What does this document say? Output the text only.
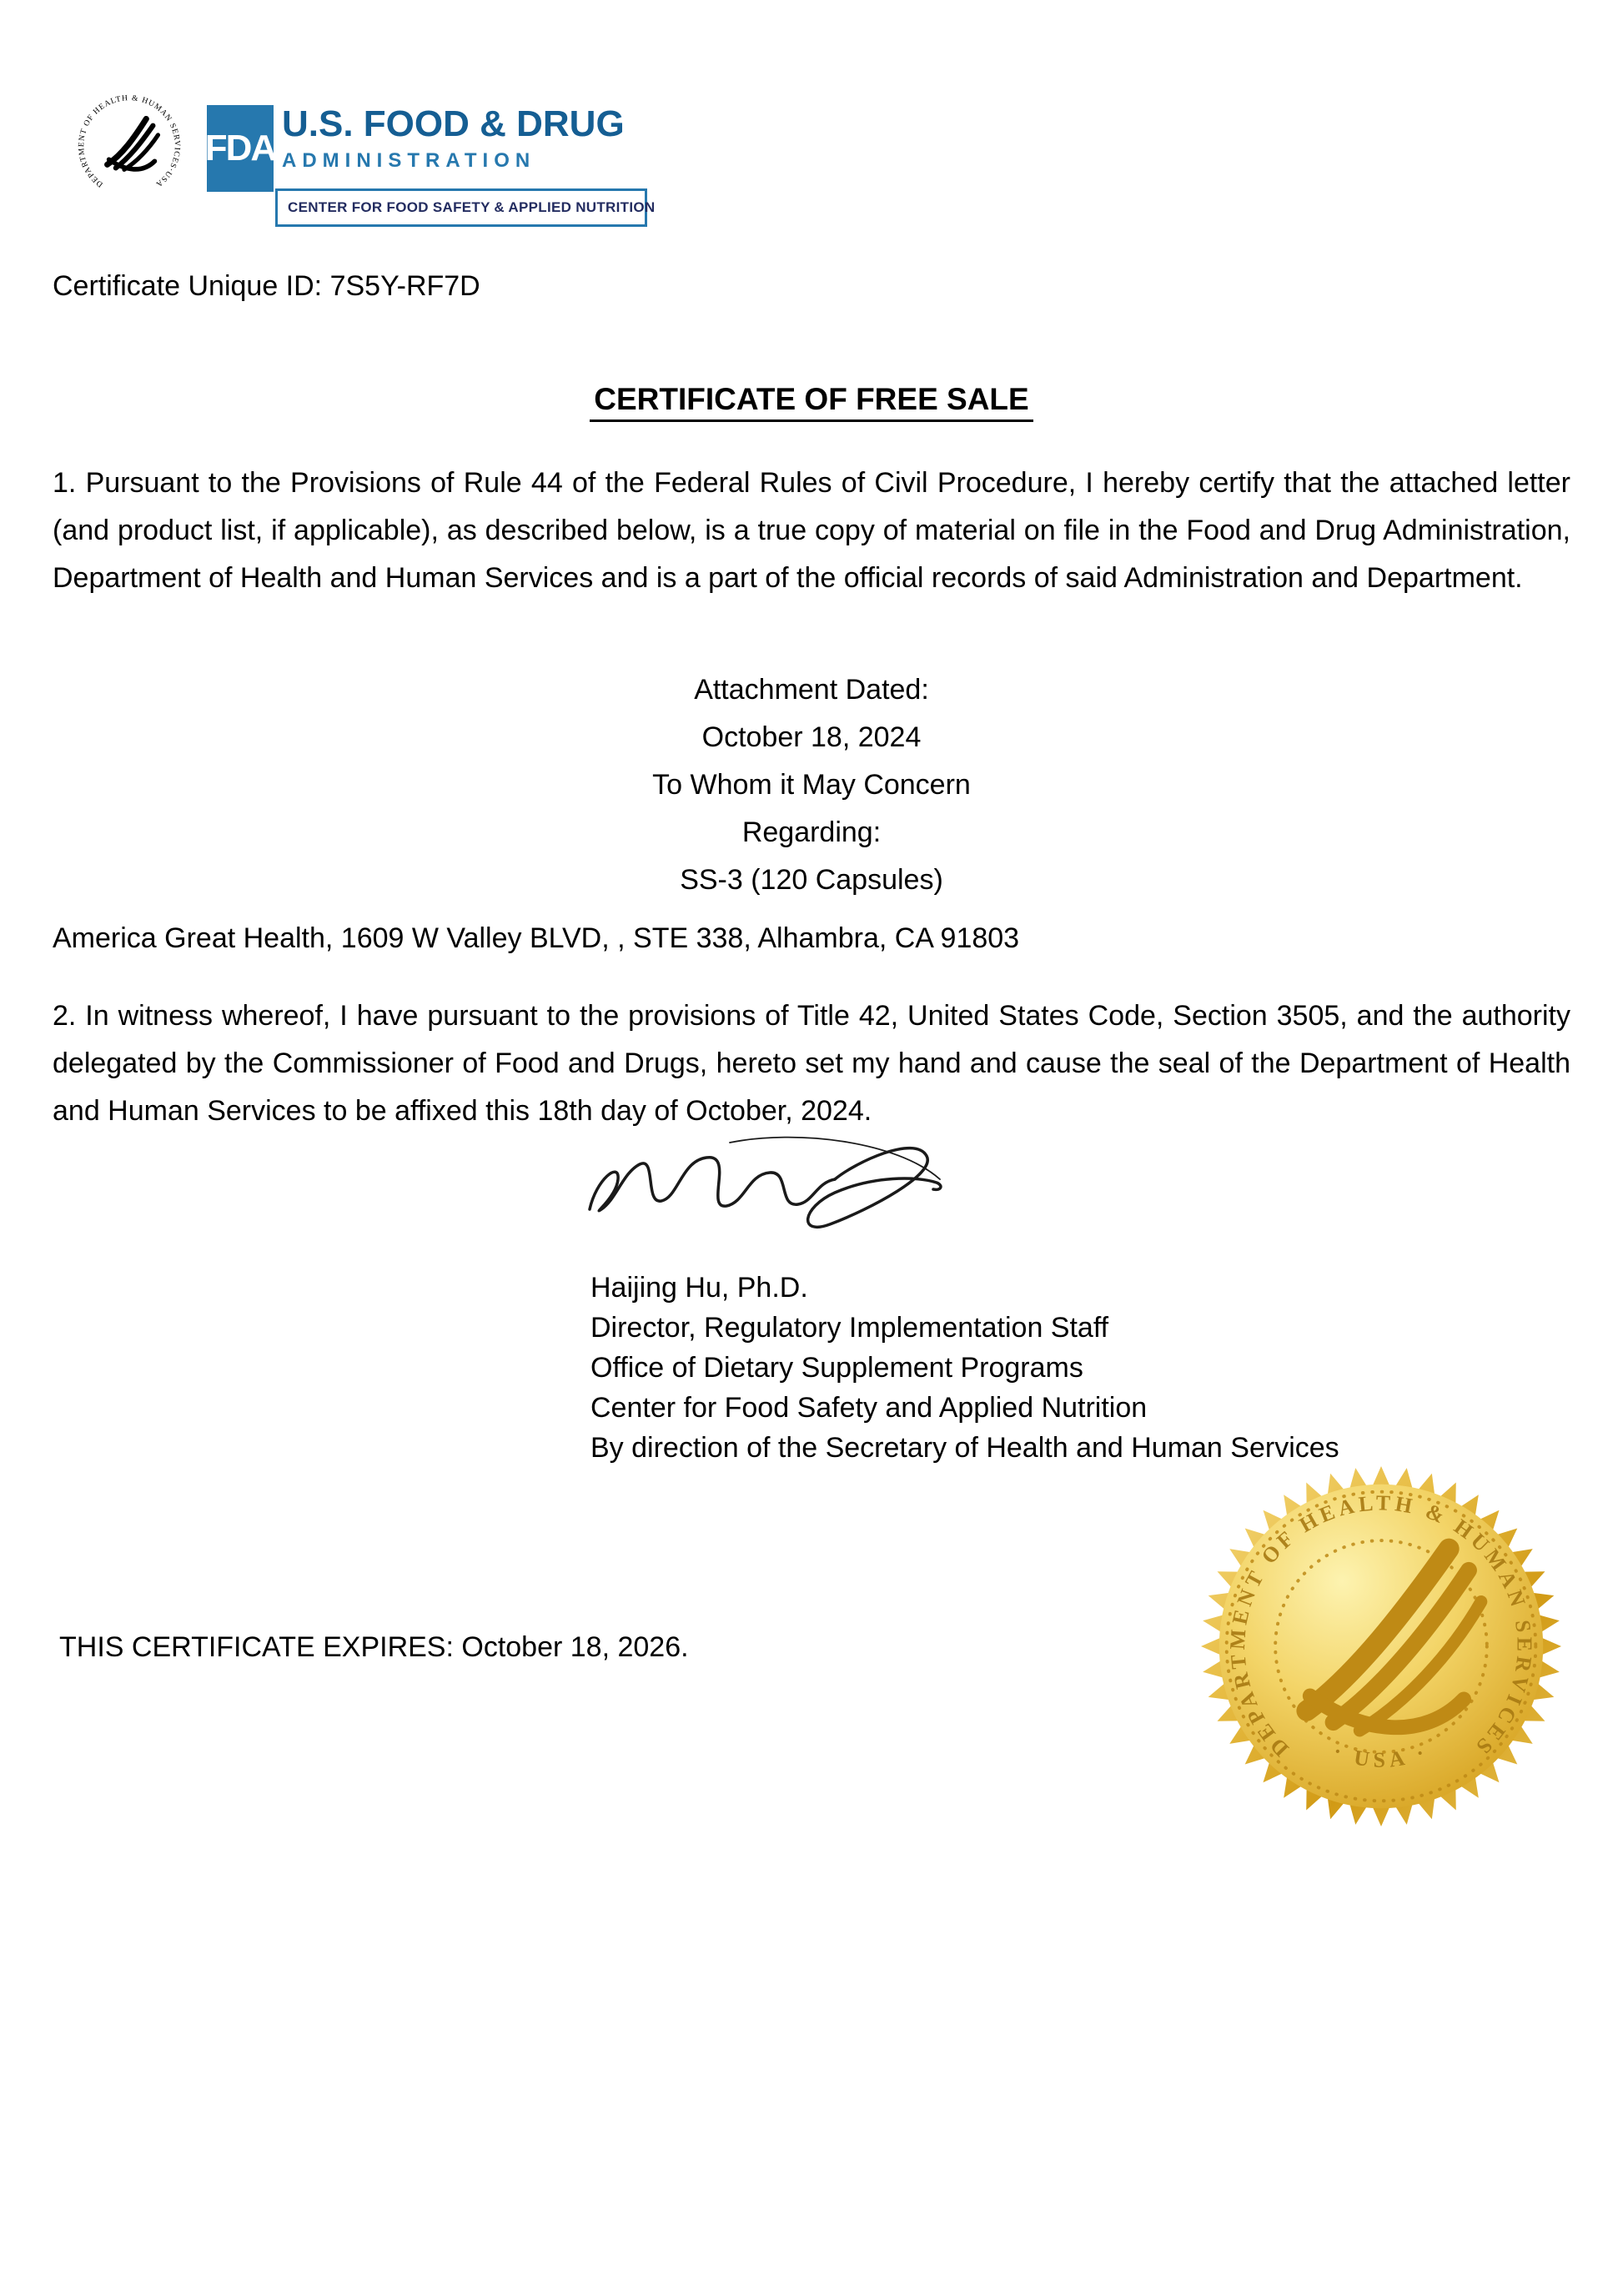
DEPARTMENT OF HEALTH & HUMAN SERVICES·USA
FDA
U.S. FOOD & DRUG
ADMINISTRATION
CENTER FOR FOOD SAFETY & APPLIED NUTRITION
Certificate Unique ID: 7S5Y-RF7D
CERTIFICATE OF FREE SALE
1. Pursuant to the Provisions of Rule 44 of the Federal Rules of Civil Procedure, I hereby certify that the attached letter (and product list, if applicable), as described below, is a true copy of material on file in the Food and Drug Administration, Department of Health and Human Services and is a part of the official records of said Administration and Department.
Attachment Dated:
October 18, 2024
To Whom it May Concern
Regarding:
SS-3 (120 Capsules)
America Great Health, 1609 W Valley BLVD, , STE 338, Alhambra, CA 91803
2. In witness whereof, I have pursuant to the provisions of Title 42, United States Code, Section 3505, and the authority delegated by the Commissioner of Food and Drugs, hereto set my hand and cause the seal of the Department of Health and Human Services to be affixed this 18th day of October, 2024.
Haijing Hu, Ph.D.
Director, Regulatory Implementation Staff
Office of Dietary Supplement Programs
Center for Food Safety and Applied Nutrition
By direction of the Secretary of Health and Human Services
THIS CERTIFICATE EXPIRES: October 18, 2026.
DEPARTMENT OF HEALTH & HUMAN SERVICES
· USA ·
